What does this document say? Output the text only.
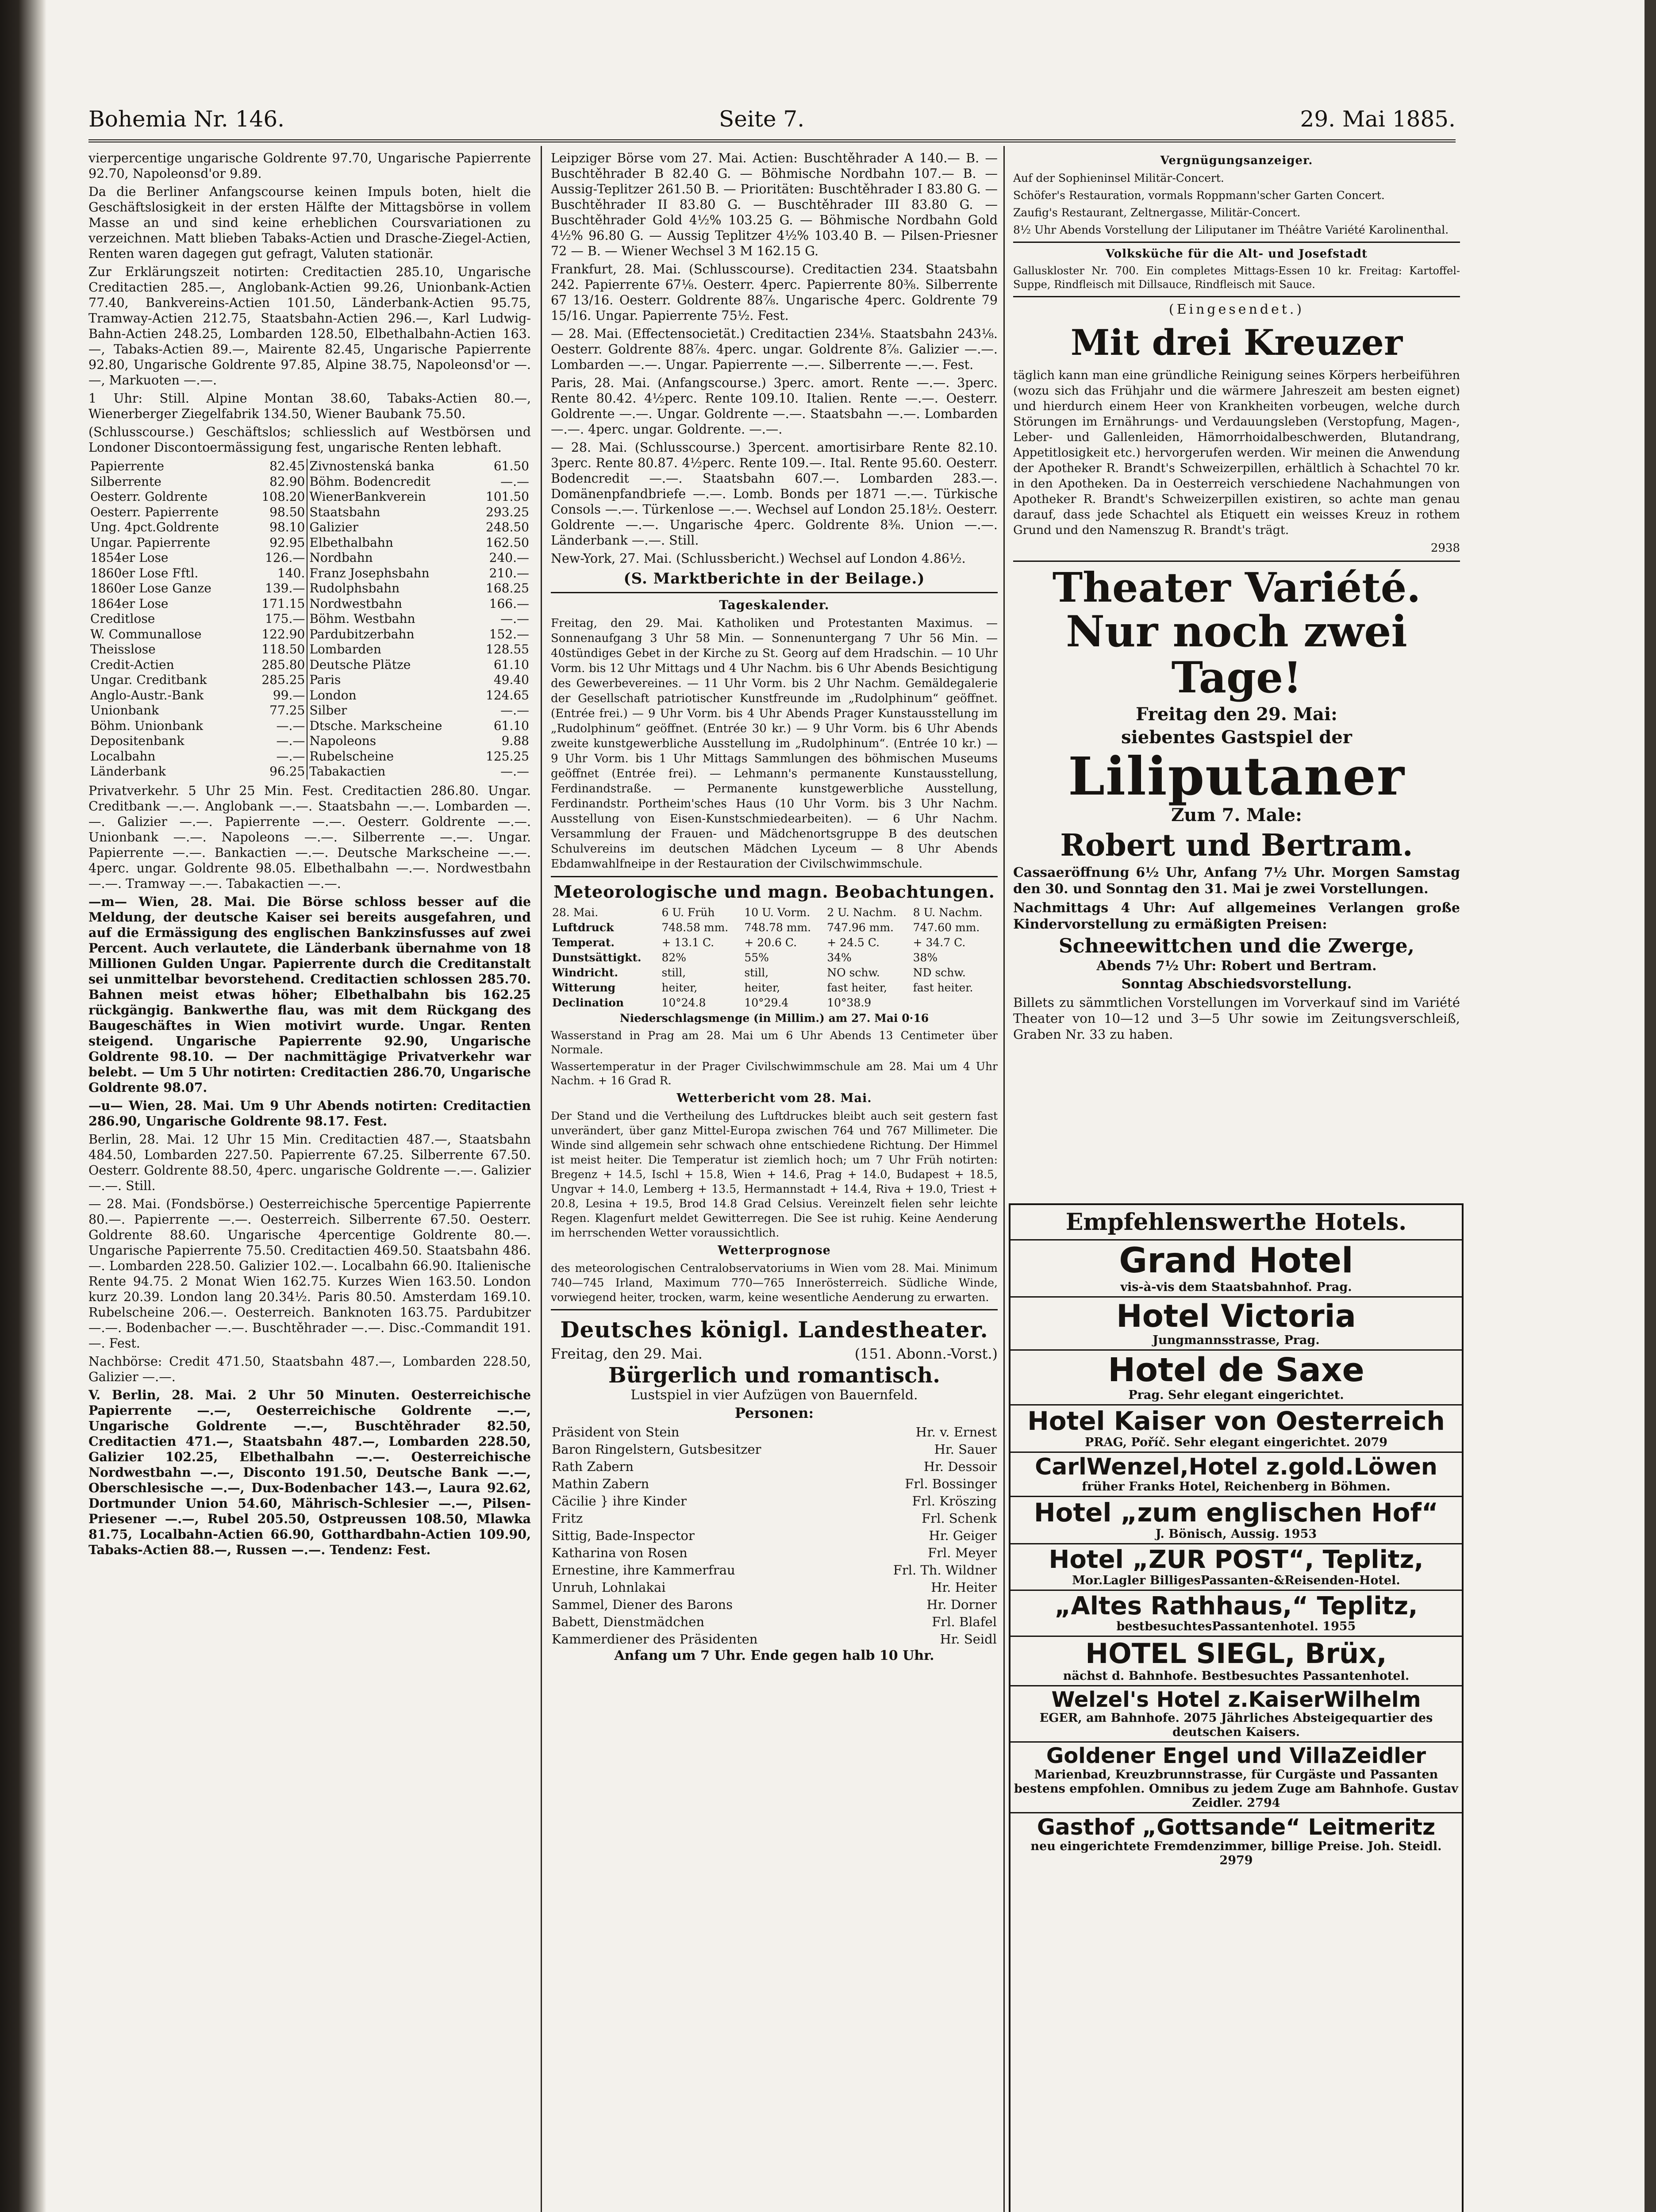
Bohemia Nr. 146.	Seite 7.	29. Mai 1885.

vierpercentige ungarische Goldrente 97.70, Ungarische Papierrente 92.70, Napoleonsd'or 9.89.

Da die Berliner Anfangscourse keinen Impuls boten, hielt die Geschäftslosigkeit in der ersten Hälfte der Mittagsbörse in vollem Masse an und sind keine erheblichen Coursvariationen zu verzeichnen. Matt blieben Tabaks-Actien und Drasche-Ziegel-Actien, Renten waren dagegen gut gefragt, Valuten stationär.

Zur Erklärungszeit notirten: Creditactien 285.10, Ungarische Creditactien 285.—, Anglobank-Actien 99.26, Unionbank-Actien 77.40, Bankvereins-Actien 101.50, Länderbank-Actien 95.75, Tramway-Actien 212.75, Staatsbahn-Actien 296.—, Karl Ludwig-Bahn-Actien 248.25, Lombarden 128.50, Elbethalbahn-Actien 163.—, Tabaks-Actien 89.—, Mairente 82.45, Ungarische Papierrente 92.80, Ungarische Goldrente 97.85, Alpine 38.75, Napoleonsd'or —.—, Markuoten —.—.

1 Uhr: Still. Alpine Montan 38.60, Tabaks-Actien 80.—, Wienerberger Ziegelfabrik 134.50, Wiener Baubank 75.50.

(Schlusscourse.) Geschäftslos; schliesslich auf Westbörsen und Londoner Discontoermässigung fest, ungarische Renten lebhaft.

Papierrente	82.45	Zivnostenská banka	61.50
Silberrente	82.90	Böhm. Bodencredit	—.—
Oesterr. Goldrente	108.20	WienerBankverein	101.50
Oesterr. Papierrente	98.50	Staatsbahn	293.25
Ung. 4pct.Goldrente	98.10	Galizier	248.50
Ungar. Papierrente	92.95	Elbethalbahn	162.50
1854er Lose	126.—	Nordbahn	240.—
1860er Lose Fftl.	140.	Franz Josephsbahn	210.—
1860er Lose Ganze	139.—	Rudolphsbahn	168.25
1864er Lose	171.15	Nordwestbahn	166.—
Creditlose	175.—	Böhm. Westbahn	—.—
W. Communallose	122.90	Pardubitzerbahn	152.—
Theisslose	118.50	Lombarden	128.55
Credit-Actien	285.80	Deutsche Plätze	61.10
Ungar. Creditbank	285.25	Paris	49.40
Anglo-Austr.-Bank	99.—	London	124.65
Unionbank	77.25	Silber	—.—
Böhm. Unionbank	—.—	Dtsche. Markscheine	61.10
Depositenbank	—.—	Napoleons	9.88
Localbahn	—.—	Rubelscheine	125.25
Länderbank	96.25	Tabakactien	—.—

Privatverkehr. 5 Uhr 25 Min. Fest. Creditactien 286.80. Ungar. Creditbank —.—. Anglobank —.—. Staatsbahn —.—. Lombarden —.—. Galizier —.—. Papierrente —.—. Oesterr. Goldrente —.—. Unionbank —.—. Napoleons —.—. Silberrente —.—. Ungar. Papierrente —.—. Bankactien —.—. Deutsche Markscheine —.—. 4perc. ungar. Goldrente 98.05. Elbethalbahn —.—. Nordwestbahn —.—. Tramway —.—. Tabakactien —.—.

—m— Wien, 28. Mai. Die Börse schloss besser auf die Meldung, der deutsche Kaiser sei bereits ausgefahren, und auf die Ermässigung des englischen Bankzinsfusses auf zwei Percent. Auch verlautete, die Länderbank übernahme von 18 Millionen Gulden Ungar. Papierrente durch die Creditanstalt sei unmittelbar bevorstehend. Creditactien schlossen 285.70. Bahnen meist etwas höher; Elbethalbahn bis 162.25 rückgängig. Bankwerthe flau, was mit dem Rückgang des Baugeschäftes in Wien motivirt wurde. Ungar. Renten steigend. Ungarische Papierrente 92.90, Ungarische Goldrente 98.10. — Der nachmittägige Privatverkehr war belebt. — Um 5 Uhr notirten: Creditactien 286.70, Ungarische Goldrente 98.07.

—u— Wien, 28. Mai. Um 9 Uhr Abends notirten: Creditactien 286.90, Ungarische Goldrente 98.17. Fest.

Berlin, 28. Mai. 12 Uhr 15 Min. Creditactien 487.—, Staatsbahn 484.50, Lombarden 227.50. Papierrente 67.25. Silberrente 67.50. Oesterr. Goldrente 88.50, 4perc. ungarische Goldrente —.—. Galizier —.—. Still.

— 28. Mai. (Fondsbörse.) Oesterreichische 5percentige Papierrente 80.—. Papierrente —.—. Oesterreich. Silberrente 67.50. Oesterr. Goldrente 88.60. Ungarische 4percentige Goldrente 80.—. Ungarische Papierrente 75.50. Creditactien 469.50. Staatsbahn 486.—. Lombarden 228.50. Galizier 102.—. Localbahn 66.90. Italienische Rente 94.75. 2 Monat Wien 162.75. Kurzes Wien 163.50. London kurz 20.39. London lang 20.34½. Paris 80.50. Amsterdam 169.10. Rubelscheine 206.—. Oesterreich. Banknoten 163.75. Pardubitzer —.—. Bodenbacher —.—. Buschtěhrader —.—. Disc.-Commandit 191.—. Fest.

Nachbörse: Credit 471.50, Staatsbahn 487.—, Lombarden 228.50, Galizier —.—.

V. Berlin, 28. Mai. 2 Uhr 50 Minuten. Oesterreichische Papierrente —.—, Oesterreichische Goldrente —.—, Ungarische Goldrente —.—, Buschtěhrader 82.50, Creditactien 471.—, Staatsbahn 487.—, Lombarden 228.50, Galizier 102.25, Elbethalbahn —.—. Oesterreichische Nordwestbahn —.—, Disconto 191.50, Deutsche Bank —.—, Oberschlesische —.—, Dux-Bodenbacher 143.—, Laura 92.62, Dortmunder Union 54.60, Mährisch-Schlesier —.—, Pilsen-Priesener —.—, Rubel 205.50, Ostpreussen 108.50, Mlawka 81.75, Localbahn-Actien 66.90, Gotthardbahn-Actien 109.90, Tabaks-Actien 88.—, Russen —.—. Tendenz: Fest.

Leipziger Börse vom 27. Mai. Actien: Buschtěhrader A 140.— B. — Buschtěhrader B 82.40 G. — Böhmische Nordbahn 107.— B. — Aussig-Teplitzer 261.50 B. — Prioritäten: Buschtěhrader I 83.80 G. — Buschtěhrader II 83.80 G. — Buschtěhrader III 83.80 G. — Buschtěhrader Gold 4½% 103.25 G. — Böhmische Nordbahn Gold 4½% 96.80 G. — Aussig Teplitzer 4½% 103.40 B. — Pilsen-Priesner 72 — B. — Wiener Wechsel 3 M 162.15 G.

Frankfurt, 28. Mai. (Schlusscourse). Creditactien 234. Staatsbahn 242. Papierrente 67⅛. Oesterr. 4perc. Papierrente 80⅜. Silberrente 67 13/16. Oesterr. Goldrente 88⅞. Ungarische 4perc. Goldrente 79 15/16. Ungar. Papierrente 75½. Fest.

— 28. Mai. (Effectensocietät.) Creditactien 234⅛. Staatsbahn 243⅛. Oesterr. Goldrente 88⅞. 4perc. ungar. Goldrente 8⁷⁄₈. Galizier —.—. Lombarden —.—. Ungar. Papierrente —.—. Silberrente —.—. Fest.

Paris, 28. Mai. (Anfangscourse.) 3perc. amort. Rente —.—. 3perc. Rente 80.42. 4½perc. Rente 109.10. Italien. Rente —.—. Oesterr. Goldrente —.—. Ungar. Goldrente —.—. Staatsbahn —.—. Lombarden —.—. 4perc. ungar. Goldrente. —.—.

— 28. Mai. (Schlusscourse.) 3percent. amortisirbare Rente 82.10. 3perc. Rente 80.87. 4½perc. Rente 109.—. Ital. Rente 95.60. Oesterr. Bodencredit —.—. Staatsbahn 607.—. Lombarden 283.—. Domänenpfandbriefe —.—. Lomb. Bonds per 1871 —.—. Türkische Consols —.—. Türkenlose —.—. Wechsel auf London 25.18½. Oesterr. Goldrente —.—. Ungarische 4perc. Goldrente 8⅜. Union —.—. Länderbank —.—. Still.

New-York, 27. Mai. (Schlussbericht.) Wechsel auf London 4.86½.

(S. Marktberichte in der Beilage.)
Tageskalender.

Freitag, den 29. Mai. Katholiken und Protestanten Maximus. — Sonnenaufgang 3 Uhr 58 Min. — Sonnenuntergang 7 Uhr 56 Min. — 40stündiges Gebet in der Kirche zu St. Georg auf dem Hradschin. — 10 Uhr Vorm. bis 12 Uhr Mittags und 4 Uhr Nachm. bis 6 Uhr Abends Besichtigung des Gewerbevereines. — 11 Uhr Vorm. bis 2 Uhr Nachm. Gemäldegalerie der Gesellschaft patriotischer Kunstfreunde im „Rudolphinum“ geöffnet. (Entrée frei.) — 9 Uhr Vorm. bis 4 Uhr Abends Prager Kunstausstellung im „Rudolphinum“ geöffnet. (Entrée 30 kr.) — 9 Uhr Vorm. bis 6 Uhr Abends zweite kunstgewerbliche Ausstellung im „Rudolphinum“. (Entrée 10 kr.) — 9 Uhr Vorm. bis 1 Uhr Mittags Sammlungen des böhmischen Museums geöffnet (Entrée frei). — Lehmann's permanente Kunstausstellung, Ferdinandstraße. — Permanente kunstgewerbliche Ausstellung, Ferdinandstr. Portheim'sches Haus (10 Uhr Vorm. bis 3 Uhr Nachm. Ausstellung von Eisen-Kunstschmiedearbeiten). — 6 Uhr Nachm. Versammlung der Frauen- und Mädchenortsgruppe B des deutschen Schulvereins im deutschen Mädchen Lyceum — 8 Uhr Abends Ebdamwahlfneipe in der Restauration der Civilschwimmschule.

Meteorologische und magn. Beobachtungen.
28. Mai.	6 U. Früh	10 U. Vorm.	2 U. Nachm.	8 U. Nachm.
Luftdruck	748.58 mm.	748.78 mm.	747.96 mm.	747.60 mm.
Temperat.	+ 13.1 C.	+ 20.6 C.	+ 24.5 C.	+ 34.7 C.
Dunstsättigkt.	82%	55%	34%	38%
Windricht.	still,	still,	NO schw.	ND schw.
Witterung	heiter,	heiter,	fast heiter,	fast heiter.
Declination	10°24.8	10°29.4	10°38.9	

Niederschlagsmenge (in Millim.) am 27. Mai 0·16

Wasserstand in Prag am 28. Mai um 6 Uhr Abends 13 Centimeter über Normale.

Wassertemperatur in der Prager Civilschwimmschule am 28. Mai um 4 Uhr Nachm. + 16 Grad R.

Wetterbericht vom 28. Mai.

Der Stand und die Vertheilung des Luftdruckes bleibt auch seit gestern fast unverändert, über ganz Mittel-Europa zwischen 764 und 767 Millimeter. Die Winde sind allgemein sehr schwach ohne entschiedene Richtung. Der Himmel ist meist heiter. Die Temperatur ist ziemlich hoch; um 7 Uhr Früh notirten: Bregenz + 14.5, Ischl + 15.8, Wien + 14.6, Prag + 14.0, Budapest + 18.5, Ungvar + 14.0, Lemberg + 13.5, Hermannstadt + 14.4, Riva + 19.0, Triest + 20.8, Lesina + 19.5, Brod 14.8 Grad Celsius. Vereinzelt fielen sehr leichte Regen. Klagenfurt meldet Gewitterregen. Die See ist ruhig. Keine Aenderung im herrschenden Wetter voraussichtlich.

Wetterprognose

des meteorologischen Centralobservatoriums in Wien vom 28. Mai. Minimum 740—745 Irland, Maximum 770—765 Innerösterreich. Südliche Winde, vorwiegend heiter, trocken, warm, keine wesentliche Aenderung zu erwarten.

Deutsches königl. Landestheater.

Freitag, den 29. Mai.	(151. Abonn.-Vorst.)

Bürgerlich und romantisch.

Lustspiel in vier Aufzügen von Bauernfeld.

Personen:

Präsident von Stein	Hr. v. Ernest
Baron Ringelstern, Gutsbesitzer	Hr. Sauer
Rath Zabern	Hr. Dessoir
Mathin Zabern	Frl. Bossinger
Cäcilie } ihre Kinder	Frl. Kröszing
Fritz	Frl. Schenk
Sittig, Bade-Inspector	Hr. Geiger
Katharina von Rosen	Frl. Meyer
Ernestine, ihre Kammerfrau	Frl. Th. Wildner
Unruh, Lohnlakai	Hr. Heiter
Sammel, Diener des Barons	Hr. Dorner
Babett, Dienstmädchen	Frl. Blafel
Kammerdiener des Präsidenten	Hr. Seidl

Anfang um 7 Uhr. Ende gegen halb 10 Uhr.

Vergnügungsanzeiger.

Auf der Sophieninsel Militär-Concert.

Schöfer's Restauration, vormals Roppmann'scher Garten Concert.

Zaufig's Restaurant, Zeltnergasse, Militär-Concert.

8½ Uhr Abends Vorstellung der Liliputaner im Théâtre Variété Karolinenthal.

Volksküche für die Alt- und Josefstadt

Galluskloster Nr. 700. Ein completes Mittags-Essen 10 kr. Freitag: Kartoffel-Suppe, Rindfleisch mit Dillsauce, Rindfleisch mit Sauce.

(Eingesendet.)

Mit drei Kreuzer

täglich kann man eine gründliche Reinigung seines Körpers herbeiführen (wozu sich das Frühjahr und die wärmere Jahreszeit am besten eignet) und hierdurch einem Heer von Krankheiten vorbeugen, welche durch Störungen im Ernährungs- und Verdauungsleben (Verstopfung, Magen-, Leber- und Gallenleiden, Hämorrhoidalbeschwerden, Blutandrang, Appetitlosigkeit etc.) hervorgerufen werden. Wir meinen die Anwendung der Apotheker R. Brandt's Schweizerpillen, erhältlich à Schachtel 70 kr. in den Apotheken. Da in Oesterreich verschiedene Nachahmungen von Apotheker R. Brandt's Schweizerpillen existiren, so achte man genau darauf, dass jede Schachtel als Etiquett ein weisses Kreuz in rothem Grund und den Namenszug R. Brandt's trägt.

2938

Theater Variété.
Nur noch zwei Tage!
Freitag den 29. Mai:
siebentes Gastspiel der
Liliputaner
Zum 7. Male:
Robert und Bertram.

Cassaeröffnung 6½ Uhr, Anfang 7½ Uhr. Morgen Samstag den 30. und Sonntag den 31. Mai je zwei Vorstellungen.

Nachmittags 4 Uhr: Auf allgemeines Verlangen große Kindervorstellung zu ermäßigten Preisen:

Schneewittchen und die Zwerge,

Abends 7½ Uhr: Robert und Bertram.

Sonntag Abschiedsvorstellung.

Billets zu sämmtlichen Vorstellungen im Vorverkauf sind im Variété Theater von 10—12 und 3—5 Uhr sowie im Zeitungsverschleiß, Graben Nr. 33 zu haben.

Empfehlenswerthe Hotels.
Grand Hotel
vis-à-vis dem Staatsbahnhof. Prag.
Hotel Victoria
Jungmannsstrasse, Prag.
Hotel de Saxe
Prag. Sehr elegant eingerichtet.
Hotel Kaiser von Oesterreich
PRAG, Poříč. Sehr elegant eingerichtet. 2079
CarlWenzel,Hotel z.gold.Löwen
früher Franks Hotel, Reichenberg in Böhmen.
Hotel „zum englischen Hof“
J. Bönisch, Aussig. 1953
Hotel „ZUR POST“, Teplitz,
Mor.Lagler BilligesPassanten-&Reisenden-Hotel.
„Altes Rathhaus,“ Teplitz,
bestbesuchtesPassantenhotel. 1955
HOTEL SIEGL, Brüx,
nächst d. Bahnhofe. Bestbesuchtes Passantenhotel.
Welzel's Hotel z.KaiserWilhelm
EGER, am Bahnhofe. 2075 Jährliches Absteigequartier des deutschen Kaisers.
Goldener Engel und VillaZeidler
Marienbad, Kreuzbrunnstrasse, für Curgäste und Passanten bestens empfohlen. Omnibus zu jedem Zuge am Bahnhofe. Gustav Zeidler. 2794
Gasthof „Gottsande“ Leitmeritz
neu eingerichtete Fremdenzimmer, billige Preise. Joh. Steidl. 2979
